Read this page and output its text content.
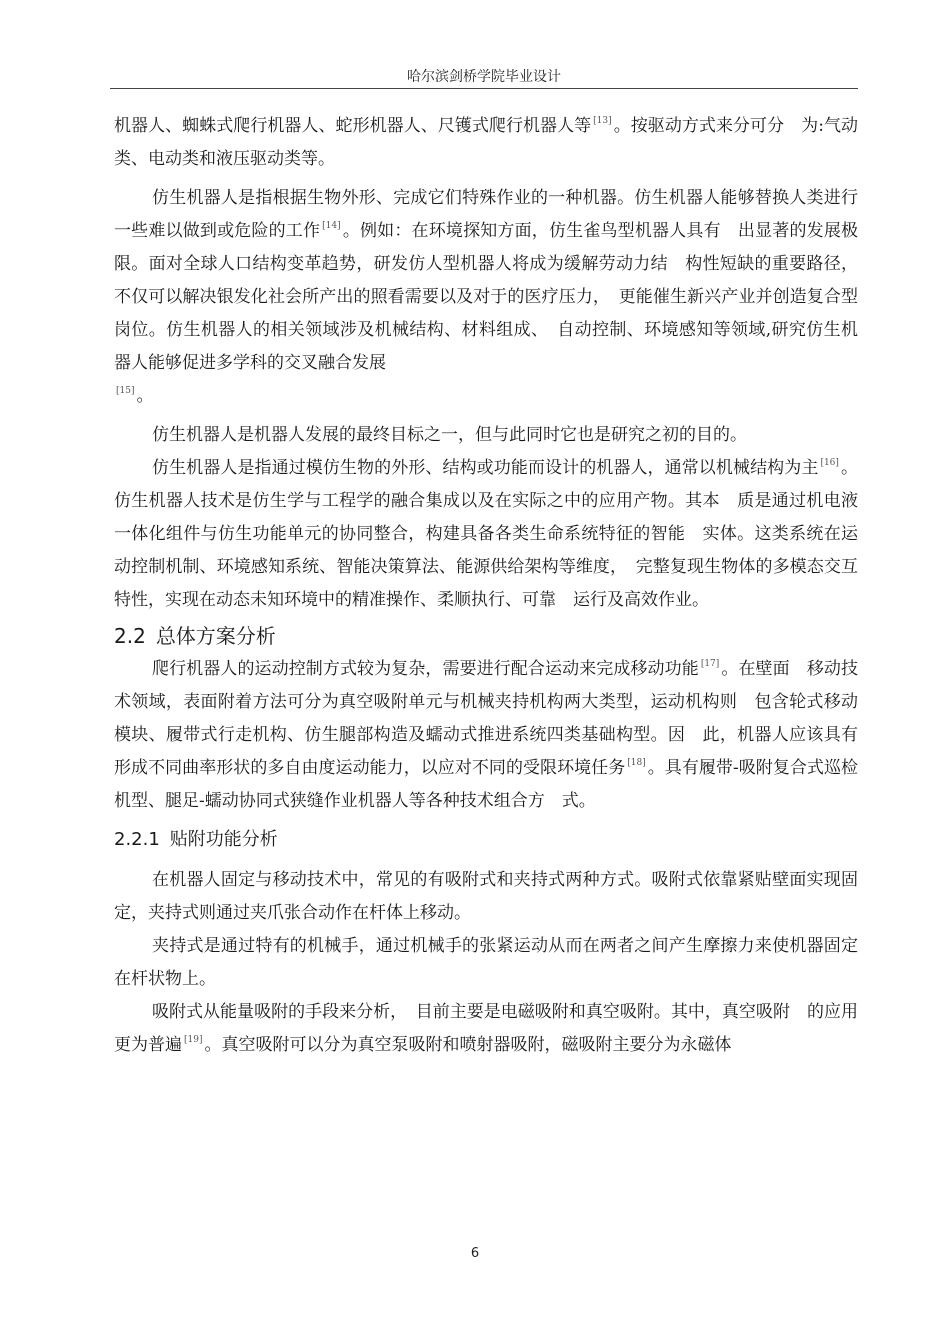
哈尔滨剑桥学院毕业设计

机器人、蜘蛛式爬行机器人、蛇形机器人、尺镬式爬行机器人等 [13] 。按驱动方式来分可分　为:气动类、电动类和液压驱动类等。

仿生机器人是指根据生物外形、完成它们特殊作业的一种机器。仿生机器人能够替换人类进行一些难以做到或危险的工作 [14] 。例如：在环境探知方面，仿生雀鸟型机器人具有　出显著的发展极限。面对全球人口结构变革趋势，研发仿人型机器人将成为缓解劳动力结　构性短缺的重要路径，不仅可以解决银发化社会所产出的照看需要以及对于的医疗压力，　更能催生新兴产业并创造复合型岗位。仿生机器人的相关领域涉及机械结构、材料组成、　自动控制、环境感知等领域,研究仿生机器人能够促进多学科的交叉融合发展
[15] 。

仿生机器人是机器人发展的最终目标之一，但与此同时它也是研究之初的目的。

仿生机器人是指通过模仿生物的外形、结构或功能而设计的机器人，通常以机械结构为主 [16] 。仿生机器人技术是仿生学与工程学的融合集成以及在实际之中的应用产物。其本　质是通过机电液一体化组件与仿生功能单元的协同整合，构建具备各类生命系统特征的智能　实体。这类系统在运动控制机制、环境感知系统、智能决策算法、能源供给架构等维度，　完整复现生物体的多模态交互特性，实现在动态未知环境中的精准操作、柔顺执行、可靠　运行及高效作业。

2.2 总体方案分析

爬行机器人的运动控制方式较为复杂，需要进行配合运动来完成移动功能 [17] 。在壁面　移动技术领域，表面附着方法可分为真空吸附单元与机械夹持机构两大类型，运动机构则　包含轮式移动模块、履带式行走机构、仿生腿部构造及蠕动式推进系统四类基础构型。因　此，机器人应该具有形成不同曲率形状的多自由度运动能力，以应对不同的受限环境任务 [18] 。具有履带-吸附复合式巡检机型、腿足-蠕动协同式狭缝作业机器人等各种技术组合方　式。

2.2.1 贴附功能分析

在机器人固定与移动技术中，常见的有吸附式和夹持式两种方式。吸附式依靠紧贴壁面实现固定，夹持式则通过夹爪张合动作在杆体上移动。

夹持式是通过特有的机械手，通过机械手的张紧运动从而在两者之间产生摩擦力来使机器固定在杆状物上。

吸附式从能量吸附的手段来分析，　目前主要是电磁吸附和真空吸附。其中，真空吸附　的应用更为普遍 [19] 。真空吸附可以分为真空泵吸附和喷射器吸附，磁吸附主要分为永磁体

6
